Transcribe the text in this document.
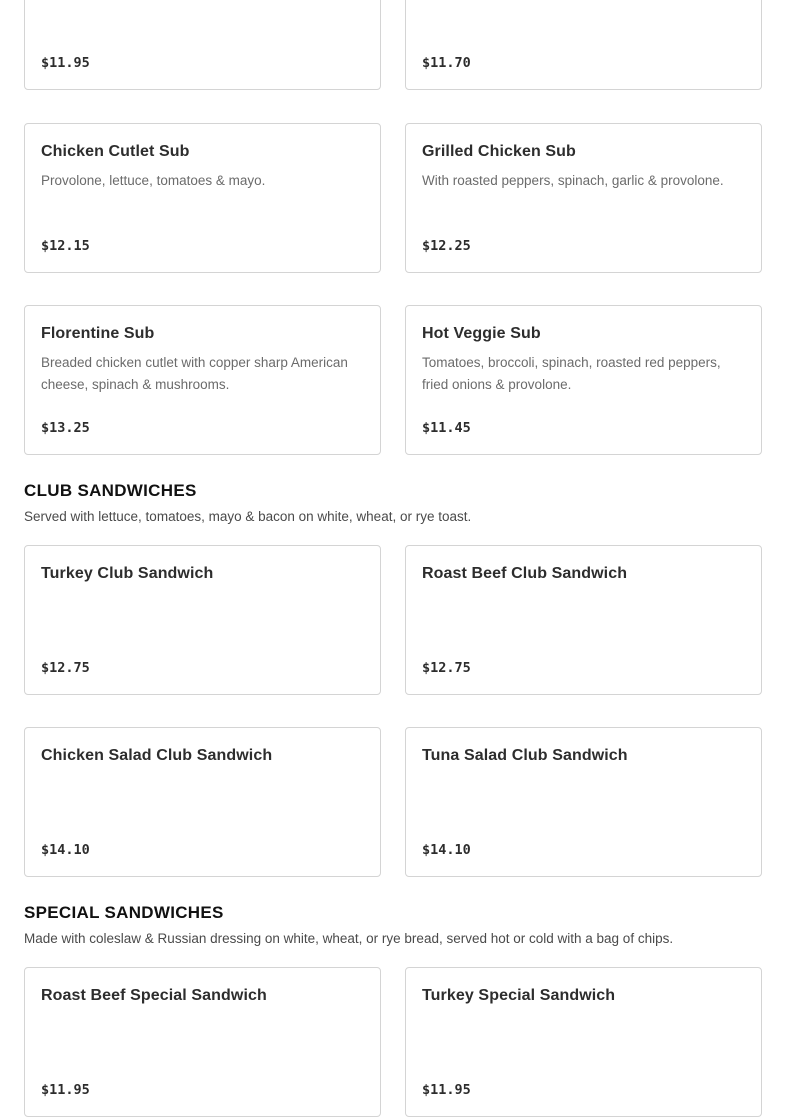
$11.95	$11.70
Chicken Cutlet Sub
Provolone, lettuce, tomatoes & mayo.
$12.15
Grilled Chicken Sub
With roasted peppers, spinach, garlic & provolone.
$12.25
Florentine Sub
Breaded chicken cutlet with copper sharp American cheese, spinach & mushrooms.
$13.25
Hot Veggie Sub
Tomatoes, broccoli, spinach, roasted red peppers, fried onions & provolone.
$11.45
CLUB SANDWICHES
Served with lettuce, tomatoes, mayo & bacon on white, wheat, or rye toast.
Turkey Club Sandwich
$12.75
Roast Beef Club Sandwich
$12.75
Chicken Salad Club Sandwich
$14.10
Tuna Salad Club Sandwich
$14.10
SPECIAL SANDWICHES
Made with coleslaw & Russian dressing on white, wheat, or rye bread, served hot or cold with a bag of chips.
Roast Beef Special Sandwich
$11.95
Turkey Special Sandwich
$11.95
